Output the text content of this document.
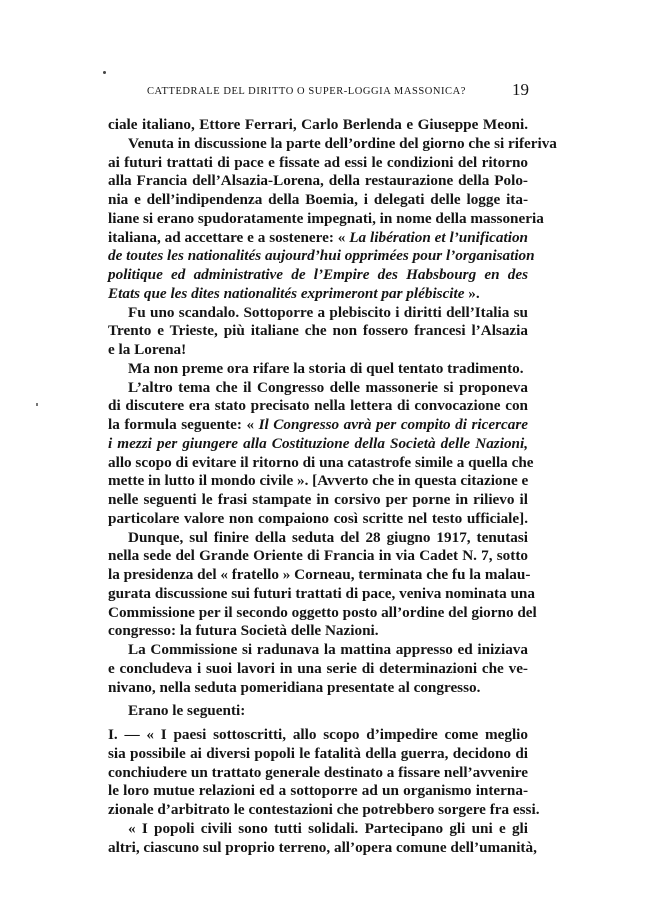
CATTEDRALE DEL DIRITTO O SUPER-LOGGIA MASSONICA?	19
ciale italiano, Ettore Ferrari, Carlo Berlenda e Giuseppe Meoni.
Venuta in discussione la parte dell’ordine del giorno che si riferiva
ai futuri trattati di pace e fissate ad essi le condizioni del ritorno
alla Francia dell’Alsazia-Lorena, della restaurazione della Polo-
nia e dell’indipendenza della Boemia, i delegati delle logge ita-
liane si erano spudoratamente impegnati, in nome della massoneria
italiana, ad accettare e a sostenere: « La libération et l’unification
de toutes les nationalités aujourd’hui opprimées pour l’organisation
politique ed administrative de l’Empire des Habsbourg en des
Etats que les dites nationalités exprimeront par plébiscite ».
Fu uno scandalo. Sottoporre a plebiscito i diritti dell’Italia su
Trento e Trieste, più italiane che non fossero francesi l’Alsazia
e la Lorena!
Ma non preme ora rifare la storia di quel tentato tradimento.
L’altro tema che il Congresso delle massonerie si proponeva
di discutere era stato precisato nella lettera di convocazione con
la formula seguente: « Il Congresso avrà per compito di ricercare
i mezzi per giungere alla Costituzione della Società delle Nazioni,
allo scopo di evitare il ritorno di una catastrofe simile a quella che
mette in lutto il mondo civile ». [Avverto che in questa citazione e
nelle seguenti le frasi stampate in corsivo per porne in rilievo il
particolare valore non compaiono così scritte nel testo ufficiale].
Dunque, sul finire della seduta del 28 giugno 1917, tenutasi
nella sede del Grande Oriente di Francia in via Cadet N. 7, sotto
la presidenza del « fratello » Corneau, terminata che fu la malau-
gurata discussione sui futuri trattati di pace, veniva nominata una
Commissione per il secondo oggetto posto all’ordine del giorno del
congresso: la futura Società delle Nazioni.
La Commissione si radunava la mattina appresso ed iniziava
e concludeva i suoi lavori in una serie di determinazioni che ve-
nivano, nella seduta pomeridiana presentate al congresso.
Erano le seguenti:
I. — « I paesi sottoscritti, allo scopo d’impedire come meglio
sia possibile ai diversi popoli le fatalità della guerra, decidono di
conchiudere un trattato generale destinato a fissare nell’avvenire
le loro mutue relazioni ed a sottoporre ad un organismo interna-
zionale d’arbitrato le contestazioni che potrebbero sorgere fra essi.
« I popoli civili sono tutti solidali. Partecipano gli uni e gli
altri, ciascuno sul proprio terreno, all’opera comune dell’umanità,
